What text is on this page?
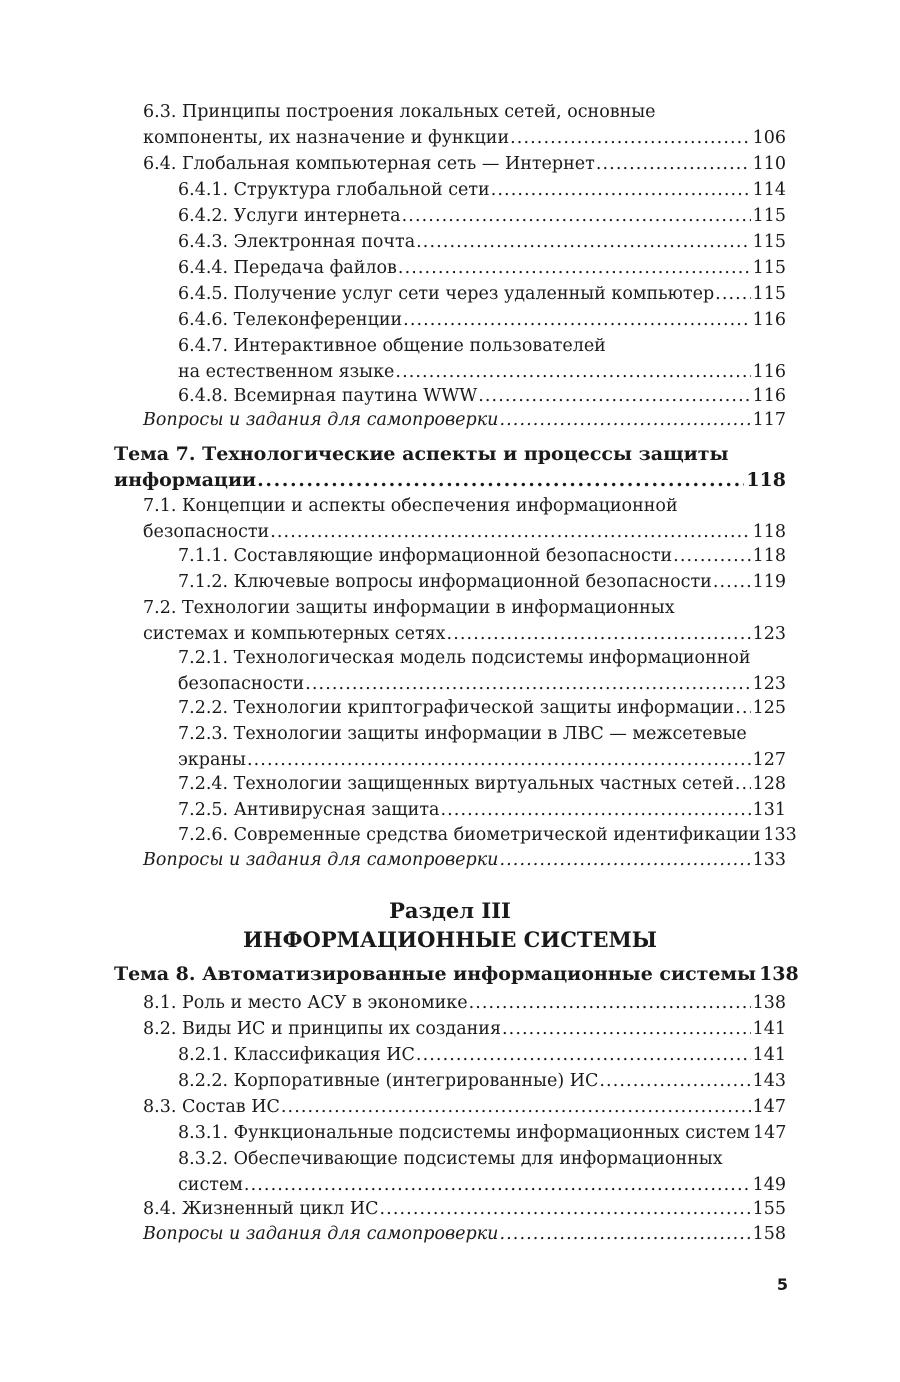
6.3. Принципы построения локальных сетей, основные
компоненты, их назначение и функции .....	106
6.4. Глобальная компьютерная сеть — Интернет .....	110
6.4.1. Структура глобальной сети .....	114
6.4.2. Услуги интернета .....	115
6.4.3. Электронная почта .....	115
6.4.4. Передача файлов .....	115
6.4.5. Получение услуг сети через удаленный компьютер ..... 115
6.4.6. Телеконференции .....	116
6.4.7. Интерактивное общение пользователей
на естественном языке .....	116
6.4.8. Всемирная паутина WWW .....	116
Вопросы и задания для самопроверки .....	117
Тема 7. Технологические аспекты и процессы защиты
информации .....	118
7.1. Концепции и аспекты обеспечения информационной
безопасности .....	118
7.1.1. Составляющие информационной безопасности .....	118
7.1.2. Ключевые вопросы информационной безопасности ..... 119
7.2. Технологии защиты информации в информационных
системах и компьютерных сетях .....	123
7.2.1. Технологическая модель подсистемы информационной
безопасности .....	123
7.2.2. Технологии криптографической защиты информации ..... 125
7.2.3. Технологии защиты информации в ЛВС — межсетевые
экраны .....	127
7.2.4. Технологии защищенных виртуальных частных сетей ..... 128
7.2.5. Антивирусная защита .....	131
7.2.6. Современные средства биометрической идентификации 133
Вопросы и задания для самопроверки .....	133
Раздел III
ИНФОРМАЦИОННЫЕ СИСТЕМЫ
Тема 8. Автоматизированные информационные системы 138
8.1. Роль и место АСУ в экономике .....	138
8.2. Виды ИС и принципы их создания .....	141
8.2.1. Классификация ИС .....	141
8.2.2. Корпоративные (интегрированные) ИС .....	143
8.3. Состав ИС .....	147
8.3.1. Функциональные подсистемы информационных систем 147
8.3.2. Обеспечивающие подсистемы для информационных
систем .....	149
8.4. Жизненный цикл ИС .....	155
Вопросы и задания для самопроверки .....	158
5
